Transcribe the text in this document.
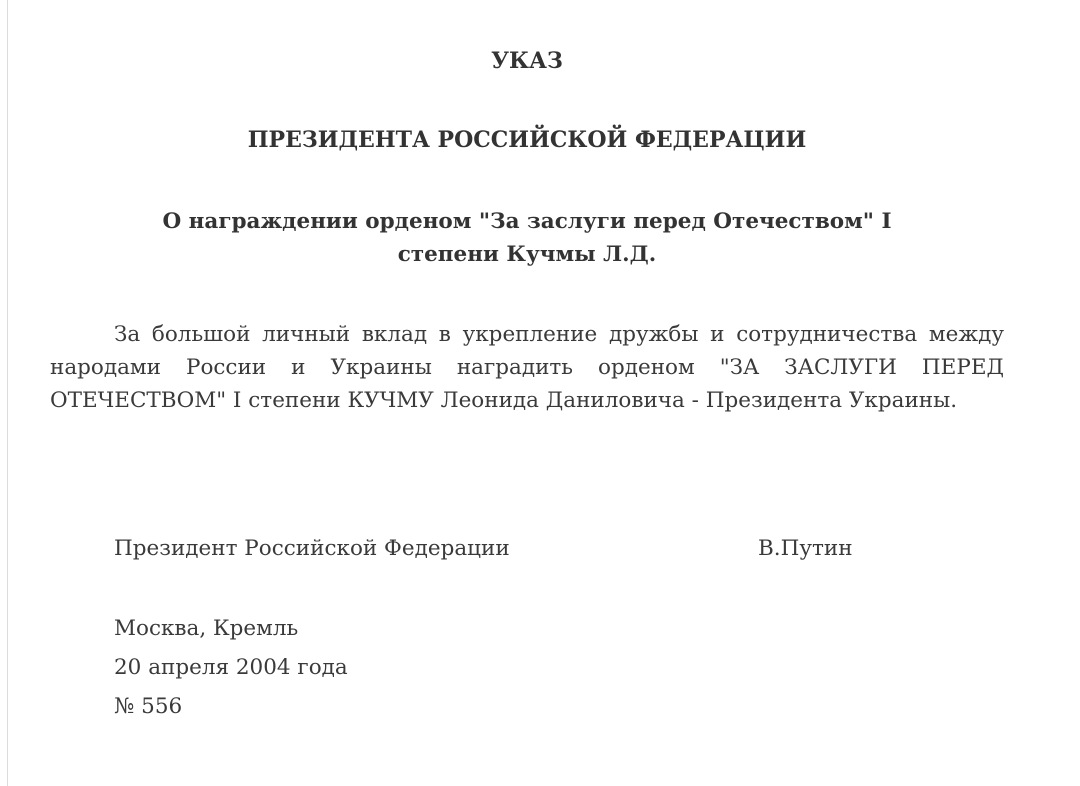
УКАЗ
ПРЕЗИДЕНТА РОССИЙСКОЙ ФЕДЕРАЦИИ
О награждении орденом "За заслуги перед Отечеством" I степени Кучмы Л.Д.

За большой личный вклад в укрепление дружбы и сотрудничества между народами России и Украины наградить орденом "ЗА ЗАСЛУГИ ПЕРЕД ОТЕЧЕСТВОМ" I степени КУЧМУ Леонида Даниловича - Президента Украины.

Президент Российской Федерации	В.Путин
Москва, Кремль
20 апреля 2004 года
№ 556
